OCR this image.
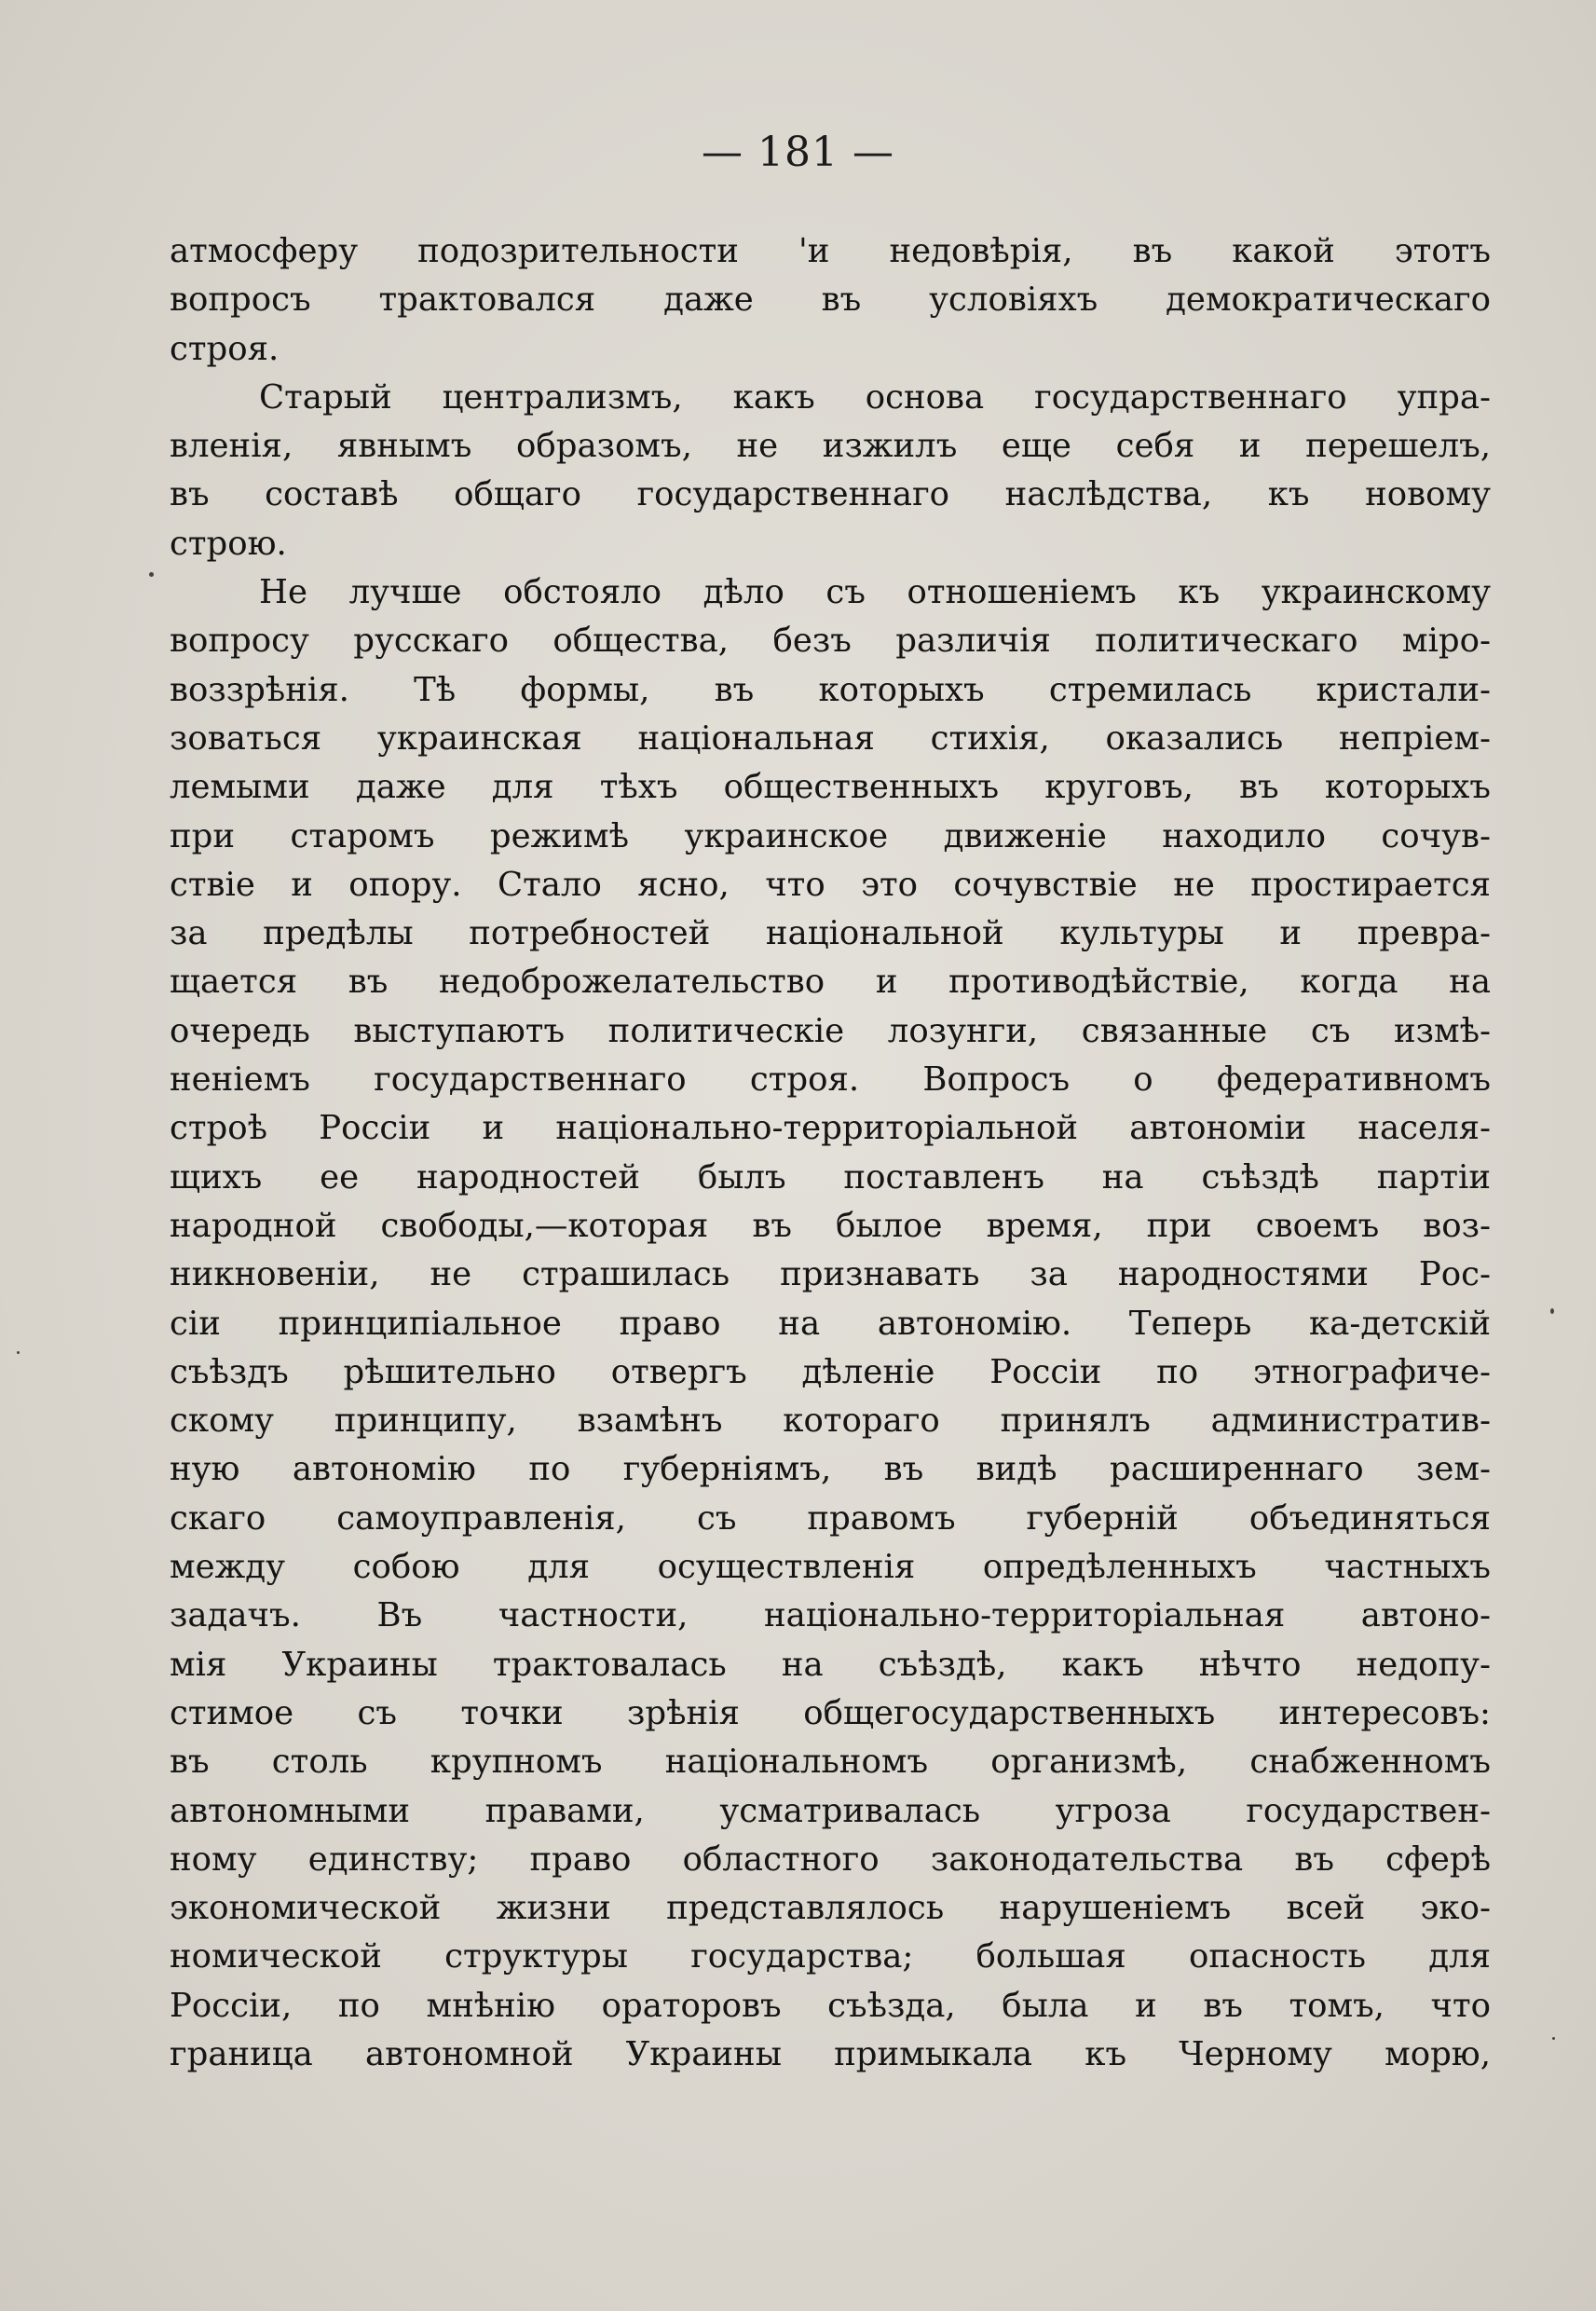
— 181 —
атмосферу подозрительности 'и недовѣрія, въ какой этотъ
вопросъ трактовался даже въ условіяхъ демократическаго
строя.
Старый централизмъ, какъ основа государственнаго упра-
вленія, явнымъ образомъ, не изжилъ еще себя и перешелъ,
въ составѣ общаго государственнаго наслѣдства, къ новому
строю.
Не лучше обстояло дѣло съ отношеніемъ къ украинскому
вопросу русскаго общества, безъ различія политическаго міро-
воззрѣнія. Тѣ формы, въ которыхъ стремилась кристали-
зоваться украинская національная стихія, оказались непріем-
лемыми даже для тѣхъ общественныхъ круговъ, въ которыхъ
при старомъ режимѣ украинское движеніе находило сочув-
ствіе и опору. Стало ясно, что это сочувствіе не простирается
за предѣлы потребностей національной культуры и превра-
щается въ недоброжелательство и противодѣйствіе, когда на
очередь выступаютъ политическіе лозунги, связанные съ измѣ-
неніемъ государственнаго строя. Вопросъ о федеративномъ
строѣ Россіи и національно-территоріальной автономіи населя-
щихъ ее народностей былъ поставленъ на съѣздѣ партіи
народной свободы,—которая въ былое время, при своемъ воз-
никновеніи, не страшилась признавать за народностями Рос-
сіи принципіальное право на автономію. Теперь ка-детскій
съѣздъ рѣшительно отвергъ дѣленіе Россіи по этнографиче-
скому принципу, взамѣнъ котораго принялъ административ-
ную автономію по губерніямъ, въ видѣ расширеннаго зем-
скаго самоуправленія, съ правомъ губерній объединяться
между собою для осуществленія опредѣленныхъ частныхъ
задачъ. Въ частности, національно-территоріальная автоно-
мія Украины трактовалась на съѣздѣ, какъ нѣчто недопу-
стимое съ точки зрѣнія общегосударственныхъ интересовъ:
въ столь крупномъ національномъ организмѣ, снабженномъ
автономными правами, усматривалась угроза государствен-
ному единству; право областного законодательства въ сферѣ
экономической жизни представлялось нарушеніемъ всей эко-
номической структуры государства; большая опасность для
Россіи, по мнѣнію ораторовъ съѣзда, была и въ томъ, что
граница автономной Украины примыкала къ Черному морю,
